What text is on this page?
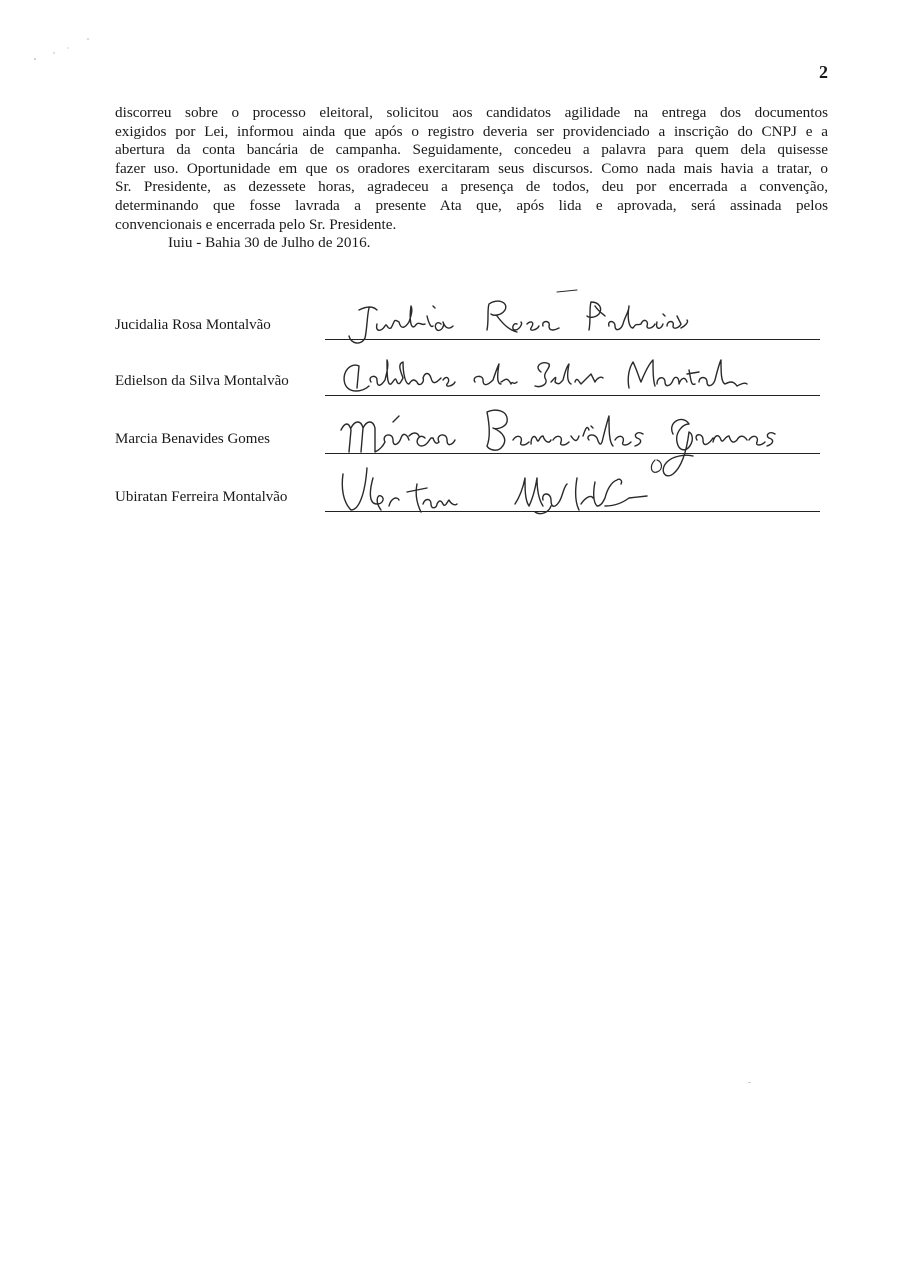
2

discorreu sobre o processo eleitoral, solicitou aos candidatos agilidade na entrega dos documentos
exigidos por Lei, informou ainda que após o registro deveria ser providenciado a inscrição do CNPJ e a
abertura da conta bancária de campanha. Seguidamente, concedeu a palavra para quem dela quisesse
fazer uso. Oportunidade em que os oradores exercitaram seus discursos. Como nada mais havia a tratar, o
Sr. Presidente, as dezessete horas, agradeceu a presença de todos, deu por encerrada a convenção,
determinando que fosse lavrada a presente Ata que, após lida e aprovada, será assinada pelos
convencionais e encerrada pelo Sr. Presidente.

Iuiu - Bahia 30 de Julho de 2016.

Jucidalia Rosa Montalvão
Edielson da Silva Montalvão
Marcia Benavides Gomes
Ubiratan Ferreira Montalvão
